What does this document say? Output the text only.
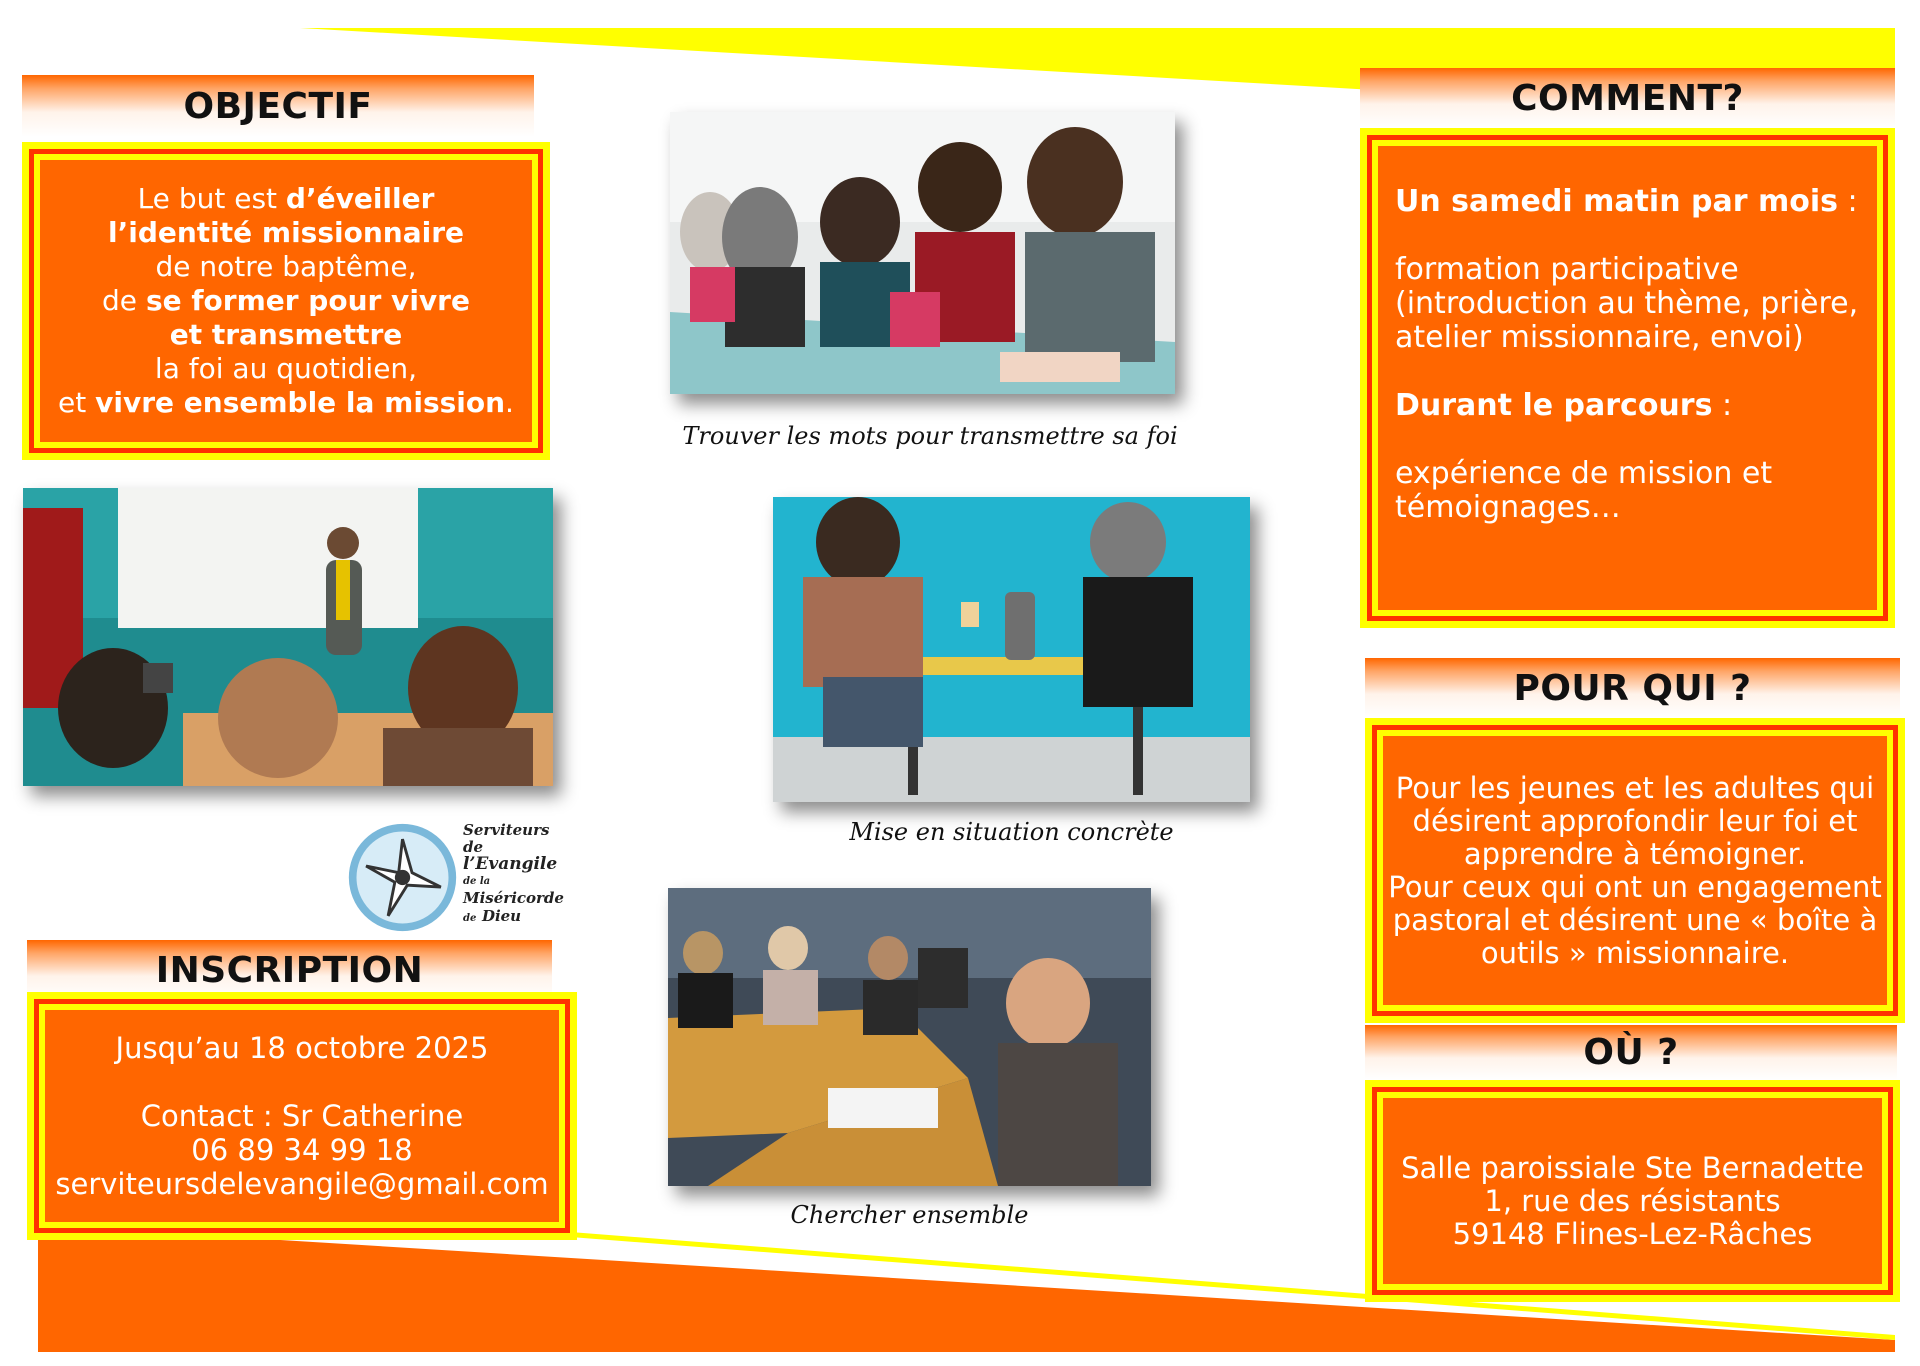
OBJECTIF
Le but est d’éveiller
l’identité missionnaire
de notre baptême,
de se former pour vivre
et transmettre
la foi au quotidien,
et vivre ensemble la mission.
Serviteurs de
l’Evangile
de la
Miséricorde
de Dieu
INSCRIPTION
Jusqu’au 18 octobre 2025
Contact : Sr Catherine
06 89 34 99 18
serviteursdelevangile@gmail.com
Trouver les mots pour transmettre sa foi
Mise en situation concrète
Chercher ensemble
COMMENT?
Un samedi matin par mois :
formation participative
(introduction au thème, prière,
atelier missionnaire, envoi)
Durant le parcours :
expérience de mission et
témoignages…
POUR QUI ?
Pour les jeunes et les adultes qui
désirent approfondir leur foi et
apprendre à témoigner.
Pour ceux qui ont un engagement
pastoral et désirent une « boîte à
outils » missionnaire.
OÙ ?
Salle paroissiale Ste Bernadette
1, rue des résistants
59148 Flines-Lez-Râches
